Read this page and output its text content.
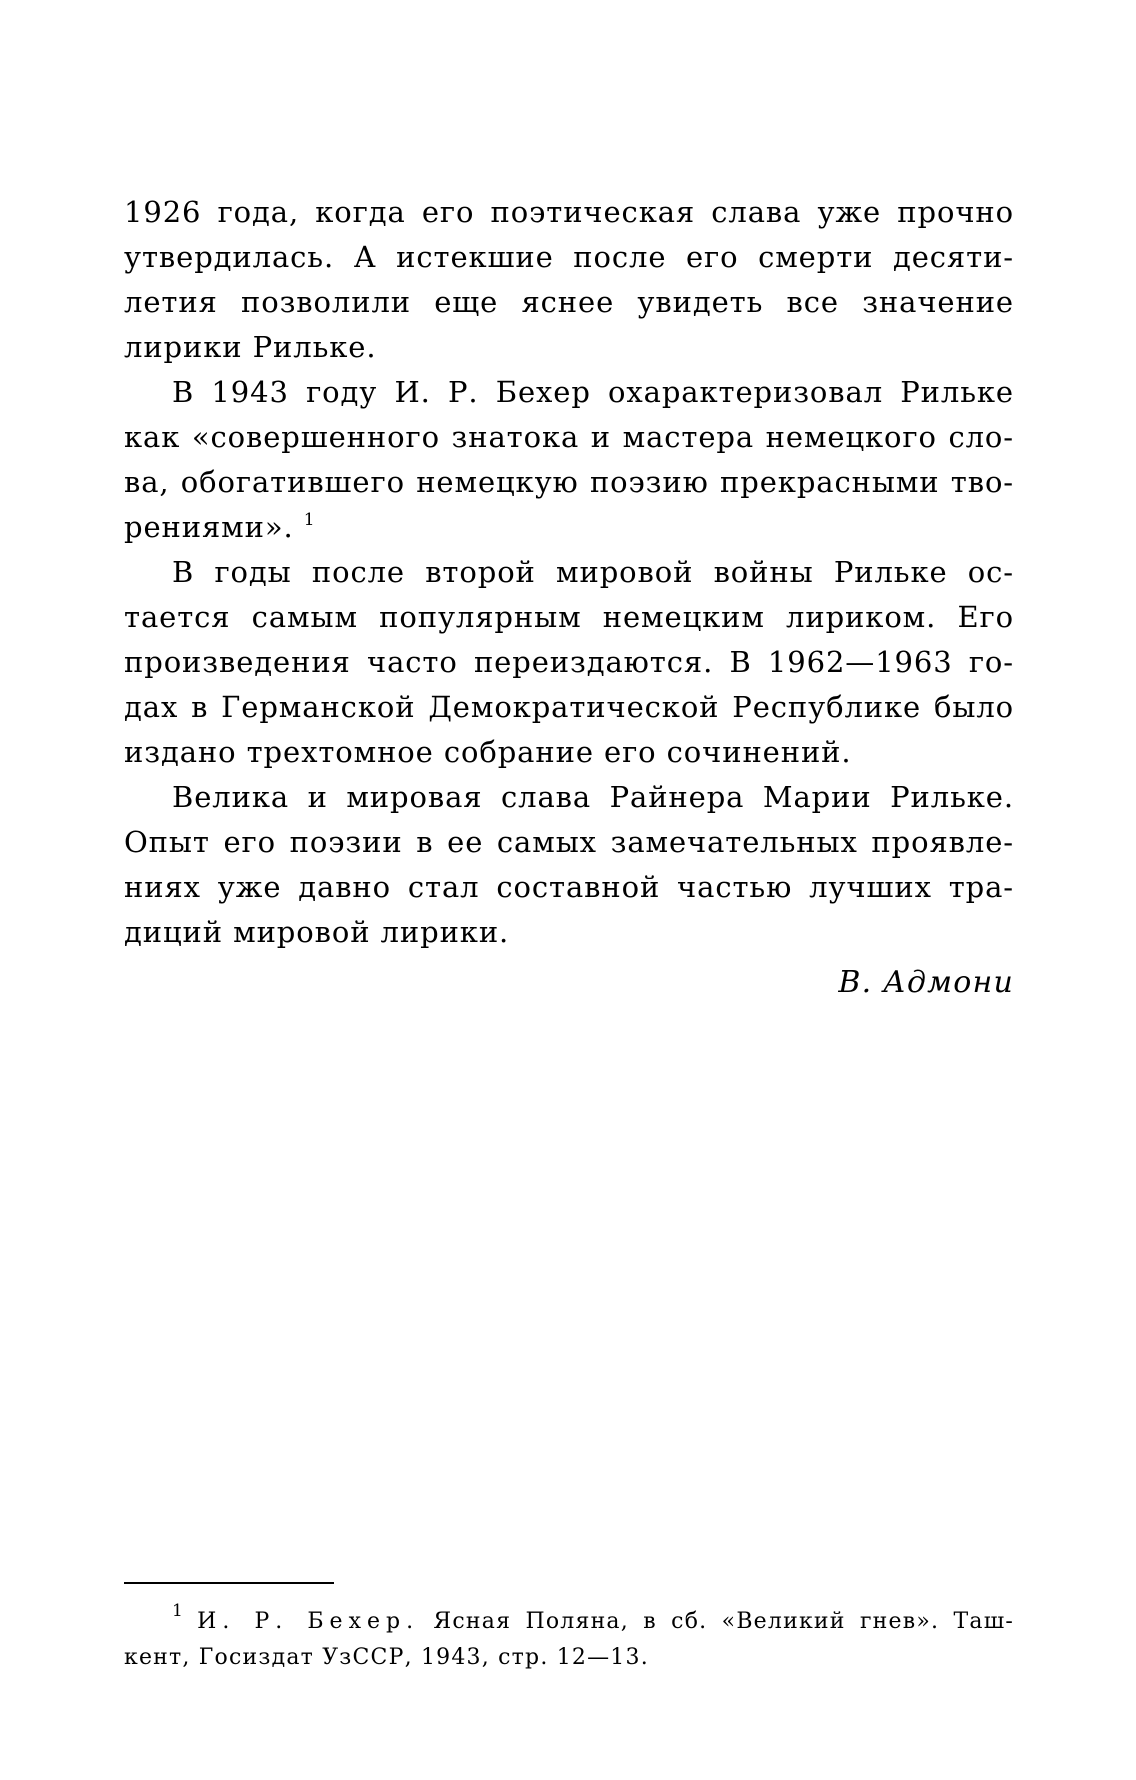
1926 года, когда его поэтическая слава уже прочно
утвердилась. А истекшие после его смерти десяти-
летия позволили еще яснее увидеть все значение
лирики Рильке.
В 1943 году И. Р. Бехер охарактеризовал Рильке
как «совершенного знатока и мастера немецкого сло-
ва, обогатившего немецкую поэзию прекрасными тво-
рениями». $^1$
В годы после второй мировой войны Рильке ос-
тается самым популярным немецким лириком. Его
произведения часто переиздаются. В 1962—1963 го-
дах в Германской Демократической Республике было
издано трехтомное собрание его сочинений.
Велика и мировая слава Райнера Марии Рильке.
Опыт его поэзии в ее самых замечательных проявле-
ниях уже давно стал составной частью лучших тра-
диций мировой лирики.
В. Адмони
$^1$ И. Р. Бехер. Ясная Поляна, в сб. «Великий гнев». Таш-
кент, Госиздат УзССР, 1943, стр. 12—13.
